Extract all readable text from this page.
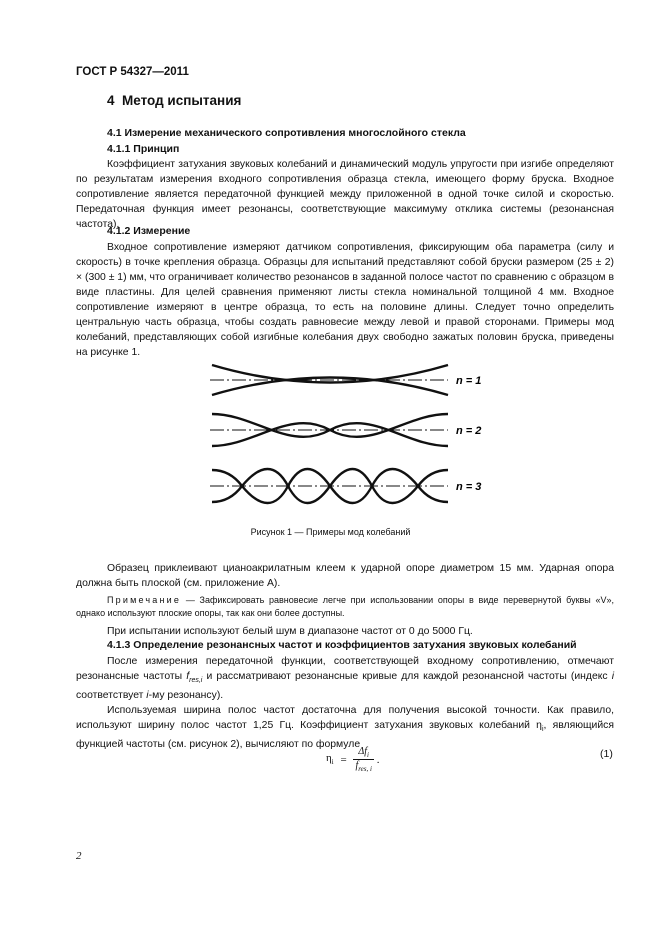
ГОСТ Р 54327—2011
4 Метод испытания
4.1 Измерение механического сопротивления многослойного стекла
4.1.1 Принцип

Коэффициент затухания звуковых колебаний и динамический модуль упругости при изгибе определяют по результатам измерения входного сопротивления образца стекла, имеющего форму бруска. Входное сопротивление является передаточной функцией между приложенной в одной точке силой и скоростью. Передаточная функция имеет резонансы, соответствующие максимуму отклика системы (резонансная частота).

4.1.2 Измерение

Входное сопротивление измеряют датчиком сопротивления, фиксирующим оба параметра (силу и скорость) в точке крепления образца. Образцы для испытаний представляют собой бруски размером (25 ± 2) × (300 ± 1) мм, что ограничивает количество резонансов в заданной полосе частот по сравнению с образцом в виде пластины. Для целей сравнения применяют листы стекла номинальной толщиной 4 мм. Входное сопротивление измеряют в центре образца, то есть на половине длины. Следует точно определить центральную часть образца, чтобы создать равновесие между левой и правой сторонами. Примеры мод колебаний, представляющих собой изгибные колебания двух свободно зажатых половин бруска, приведены на рисунке 1.

n = 1
n = 2
n = 3
Рисунок 1 — Примеры мод колебаний

Образец приклеивают цианоакрилатным клеем к ударной опоре диаметром 15 мм. Ударная опора должна быть плоской (см. приложение А).

Примечание — Зафиксировать равновесие легче при использовании опоры в виде перевернутой буквы «V», однако используют плоские опоры, так как они более доступны.

При испытании используют белый шум в диапазоне частот от 0 до 5000 Гц.

4.1.3 Определение резонансных частот и коэффициентов затухания звуковых колебаний

После измерения передаточной функции, соответствующей входному сопротивлению, отмечают резонансные частоты $f_{res,i}$ и рассматривают резонансные кривые для каждой резонансной частоты (индекс i соответствует i-му резонансу).

Используемая ширина полос частот достаточна для получения высокой точности. Как правило, используют ширину полос частот 1,25 Гц. Коэффициент затухания звуковых колебаний $\eta_i$, являющийся функцией частоты (см. рисунок 2), вычисляют по формуле

$\eta_i$ =
$\Delta f_i$
$f_{res, i}$
.	(1)
2
